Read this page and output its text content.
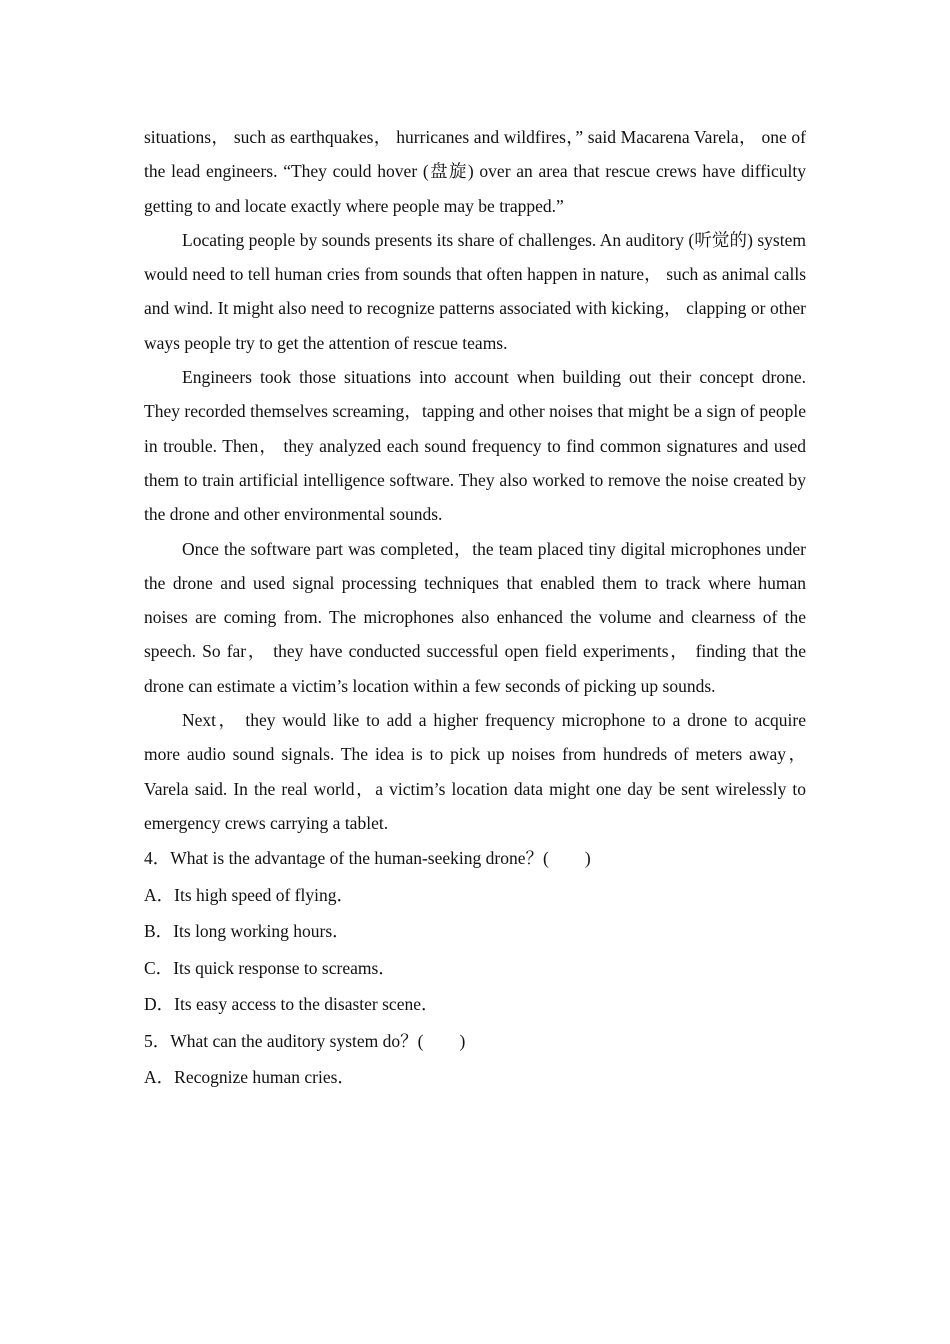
situations， such as earthquakes， hurricanes and wildfires，” said Macarena Varela， one of the lead engineers. “They could hover (盘旋) over an area that rescue crews have difficulty getting to and locate exactly where people may be trapped.”

Locating people by sounds presents its share of challenges. An auditory (听觉的) system would need to tell human cries from sounds that often happen in nature， such as animal calls and wind. It might also need to recognize patterns associated with kicking， clapping or other ways people try to get the attention of rescue teams.

Engineers took those situations into account when building out their concept drone. They recorded themselves screaming，tapping and other noises that might be a sign of people in trouble. Then， they analyzed each sound frequency to find common signatures and used them to train artificial intelligence software. They also worked to remove the noise created by the drone and other environmental sounds.

Once the software part was completed，the team placed tiny digital microphones under the drone and used signal processing techniques that enabled them to track where human noises are coming from. The microphones also enhanced the volume and clearness of the speech. So far， they have conducted successful open field experiments， finding that the drone can estimate a victim’s location within a few seconds of picking up sounds.

Next， they would like to add a higher frequency microphone to a drone to acquire more audio sound signals. The idea is to pick up noises from hundreds of meters away，Varela said. In the real world，a victim’s location data might one day be sent wirelessly to emergency crews carrying a tablet.

4．What is the advantage of the human-seeking drone？( )

A．Its high speed of flying．

B．Its long working hours．

C．Its quick response to screams．

D．Its easy access to the disaster scene．

5．What can the auditory system do？( )

A．Recognize human cries．
